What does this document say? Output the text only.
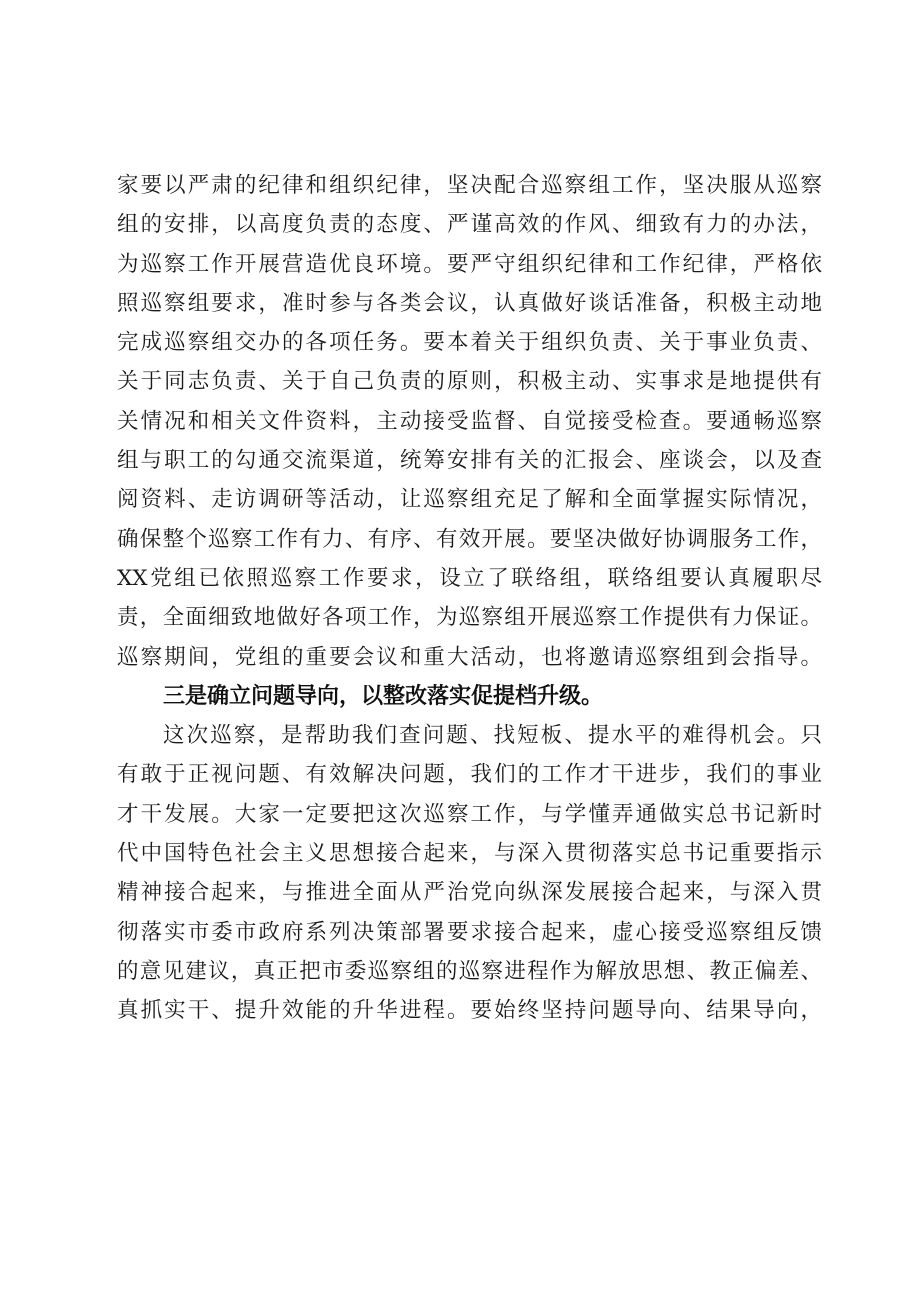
家要以严肃的纪律和组织纪律，坚决配合巡察组工作，坚决服从巡察
组的安排，以高度负责的态度、严谨高效的作风、细致有力的办法，
为巡察工作开展营造优良环境。要严守组织纪律和工作纪律，严格依
照巡察组要求，准时参与各类会议，认真做好谈话准备，积极主动地
完成巡察组交办的各项任务。要本着关于组织负责、关于事业负责、
关于同志负责、关于自己负责的原则，积极主动、实事求是地提供有
关情况和相关文件资料，主动接受监督、自觉接受检查。要通畅巡察
组与职工的勾通交流渠道，统筹安排有关的汇报会、座谈会，以及查
阅资料、走访调研等活动，让巡察组充足了解和全面掌握实际情况，
确保整个巡察工作有力、有序、有效开展。要坚决做好协调服务工作，
XX党组已依照巡察工作要求，设立了联络组，联络组要认真履职尽
责，全面细致地做好各项工作，为巡察组开展巡察工作提供有力保证。
巡察期间，党组的重要会议和重大活动，也将邀请巡察组到会指导。
三是确立问题导向，以整改落实促提档升级。
这次巡察，是帮助我们查问题、找短板、提水平的难得机会。只
有敢于正视问题、有效解决问题，我们的工作才干进步，我们的事业
才干发展。大家一定要把这次巡察工作，与学懂弄通做实总书记新时
代中国特色社会主义思想接合起来，与深入贯彻落实总书记重要指示
精神接合起来，与推进全面从严治党向纵深发展接合起来，与深入贯
彻落实市委市政府系列决策部署要求接合起来，虚心接受巡察组反馈
的意见建议，真正把市委巡察组的巡察进程作为解放思想、教正偏差、
真抓实干、提升效能的升华进程。要始终坚持问题导向、结果导向，
